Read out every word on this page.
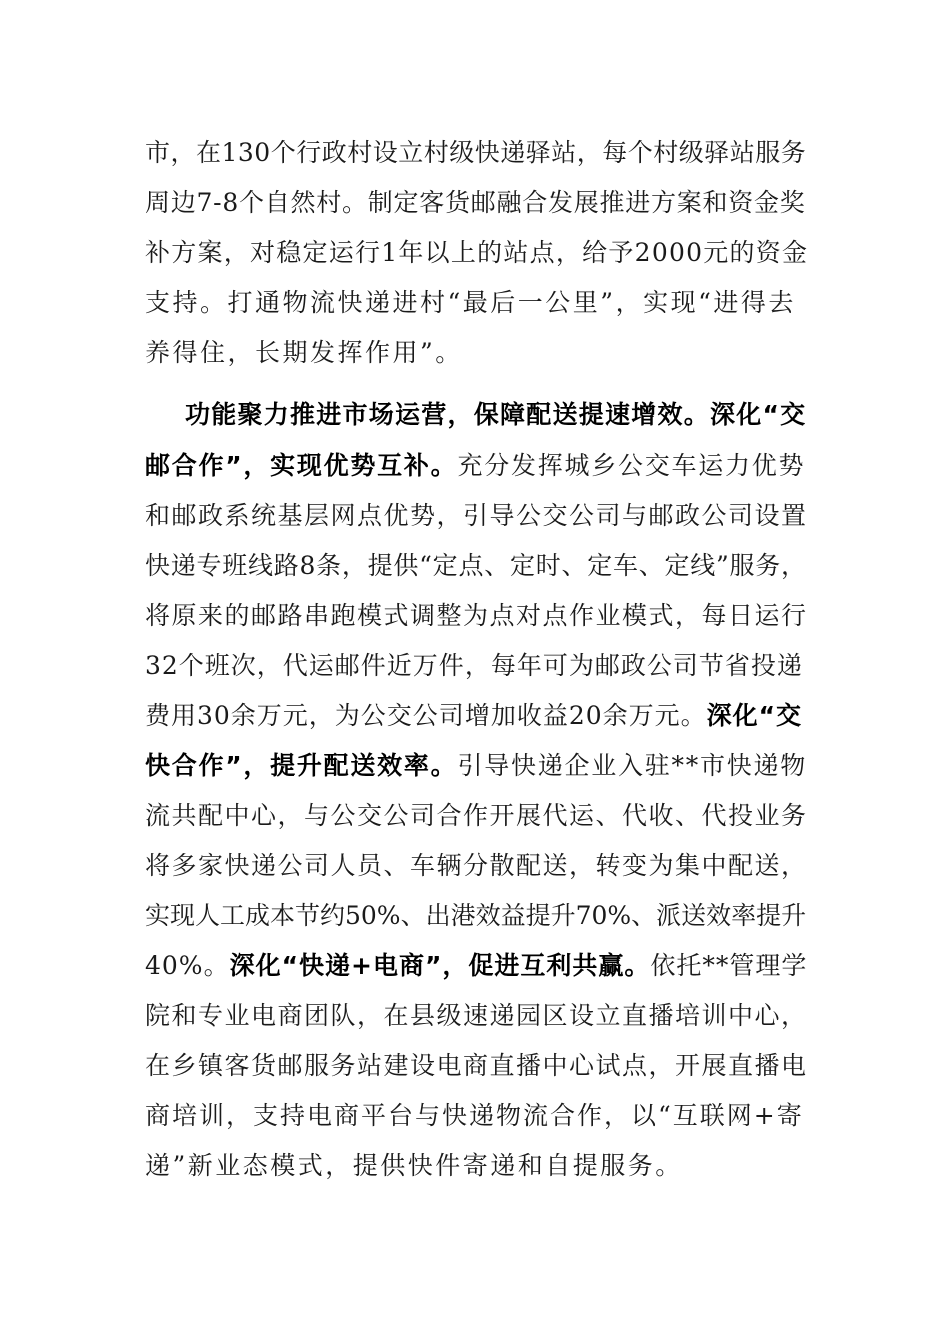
市，在130个行政村设立村级快递驿站，每个村级驿站服务
周边7-8个自然村。制定客货邮融合发展推进方案和资金奖
补方案，对稳定运行1年以上的站点，给予2000元的资金
支持。打通物流快递进村“最后一公里”，实现“进得去
养得住，长期发挥作用”。
功能聚力推进市场运营，保障配送提速增效。深化“交
邮合作”，实现优势互补。充分发挥城乡公交车运力优势
和邮政系统基层网点优势，引导公交公司与邮政公司设置
快递专班线路8条，提供“定点、定时、定车、定线”服务，
将原来的邮路串跑模式调整为点对点作业模式，每日运行
32个班次，代运邮件近万件，每年可为邮政公司节省投递
费用30余万元，为公交公司增加收益20余万元。深化“交
快合作”，提升配送效率。引导快递企业入驻**市快递物
流共配中心，与公交公司合作开展代运、代收、代投业务
将多家快递公司人员、车辆分散配送，转变为集中配送，
实现人工成本节约50%、出港效益提升70%、派送效率提升
40%。深化“快递+电商”，促进互利共赢。依托**管理学
院和专业电商团队，在县级速递园区设立直播培训中心，
在乡镇客货邮服务站建设电商直播中心试点，开展直播电
商培训，支持电商平台与快递物流合作，以“互联网+寄
递”新业态模式，提供快件寄递和自提服务。
